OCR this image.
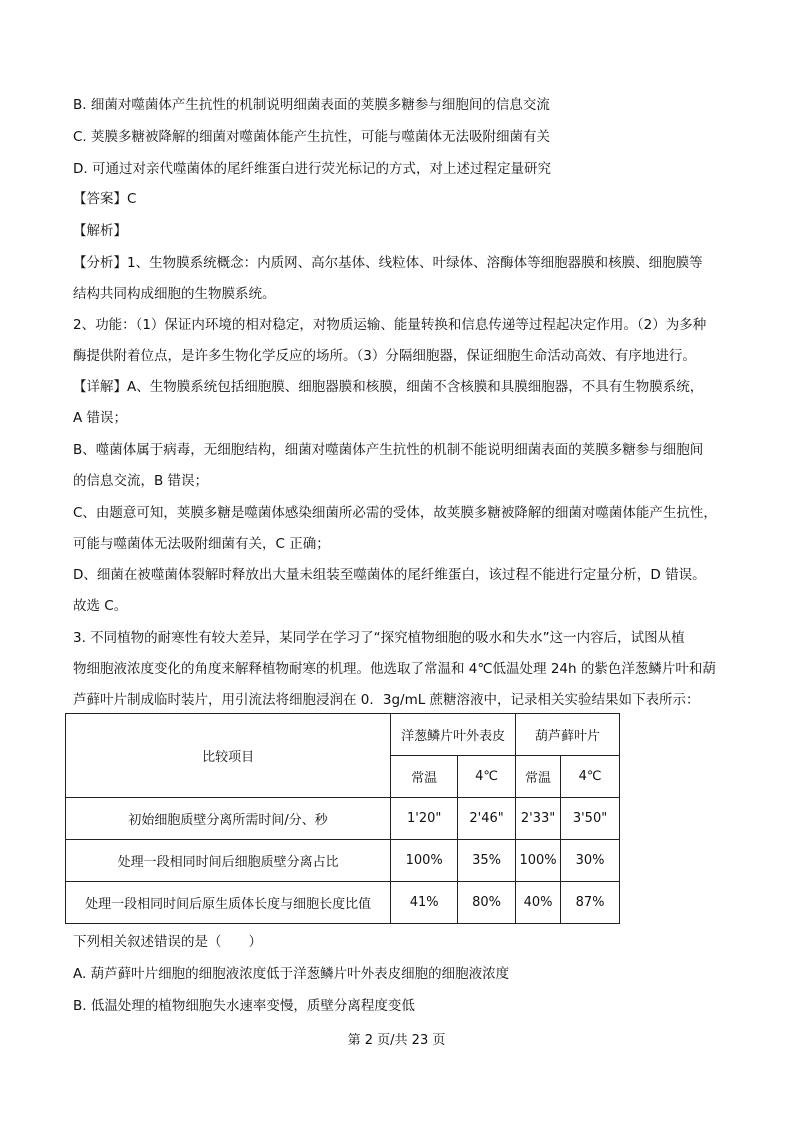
B. 细菌对噬菌体产生抗性的机制说明细菌表面的荚膜多糖参与细胞间的信息交流
C. 荚膜多糖被降解的细菌对噬菌体能产生抗性，可能与噬菌体无法吸附细菌有关
D. 可通过对亲代噬菌体的尾纤维蛋白进行荧光标记的方式，对上述过程定量研究
【答案】C
【解析】
【分析】1、生物膜系统概念：内质网、高尔基体、线粒体、叶绿体、溶酶体等细胞器膜和核膜、细胞膜等
结构共同构成细胞的生物膜系统。
2、功能：（1）保证内环境的相对稳定，对物质运输、能量转换和信息传递等过程起决定作用。（2）为多种
酶提供附着位点，是许多生物化学反应的场所。（3）分隔细胞器，保证细胞生命活动高效、有序地进行。
【详解】A、生物膜系统包括细胞膜、细胞器膜和核膜，细菌不含核膜和具膜细胞器，不具有生物膜系统，
A 错误；
B、噬菌体属于病毒，无细胞结构，细菌对噬菌体产生抗性的机制不能说明细菌表面的荚膜多糖参与细胞间
的信息交流，B 错误；
C、由题意可知，荚膜多糖是噬菌体感染细菌所必需的受体，故荚膜多糖被降解的细菌对噬菌体能产生抗性，
可能与噬菌体无法吸附细菌有关，C 正确；
D、细菌在被噬菌体裂解时释放出大量未组装至噬菌体的尾纤维蛋白，该过程不能进行定量分析，D 错误。
故选 C。
3. 不同植物的耐寒性有较大差异，某同学在学习了“探究植物细胞的吸水和失水”这一内容后，试图从植
物细胞液浓度变化的角度来解释植物耐寒的机理。他选取了常温和 4℃低温处理 24h 的紫色洋葱鳞片叶和葫
芦藓叶片制成临时装片，用引流法将细胞浸润在 0．3g/mL 蔗糖溶液中，记录相关实验结果如下表所示：
比较项目	洋葱鳞片叶外表皮		葫芦藓叶片	
	常温	4℃	常温	4℃
初始细胞质壁分离所需时间/分、秒	1'20"	2'46"	2'33"	3'50"
处理一段相同时间后细胞质壁分离占比	100%	35%	100%	30%
处理一段相同时间后原生质体长度与细胞长度比值	41%	80%	40%	87%
下列相关叙述错误的是（　　）
A. 葫芦藓叶片细胞的细胞液浓度低于洋葱鳞片叶外表皮细胞的细胞液浓度
B. 低温处理的植物细胞失水速率变慢，质壁分离程度变低
第 2 页/共 23 页
